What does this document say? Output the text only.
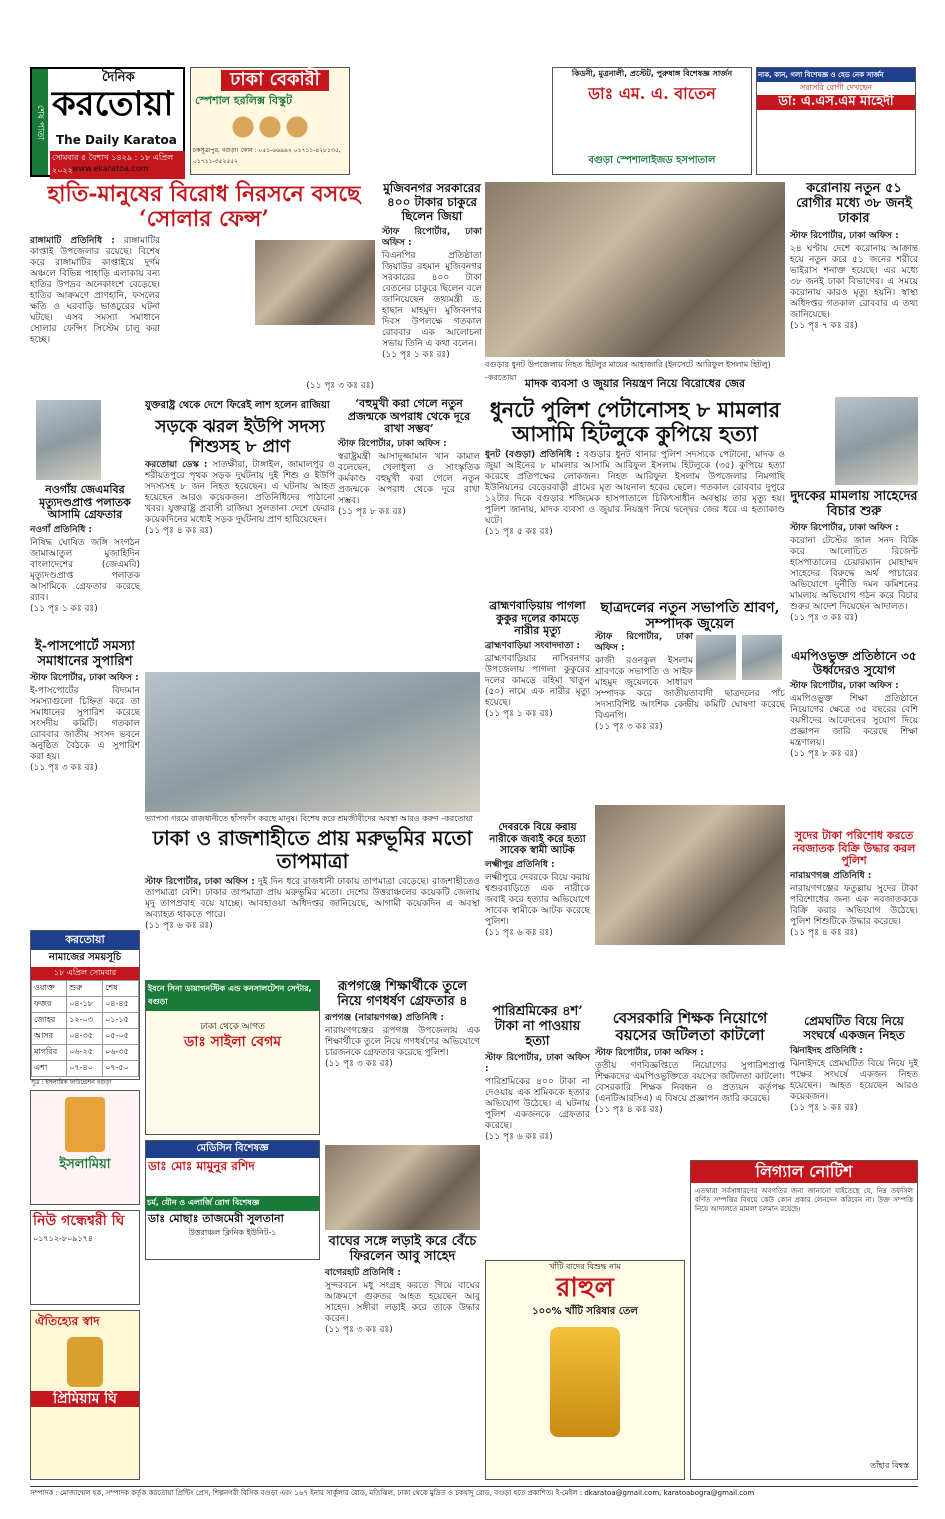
শেষ পাতা
দৈনিক
করতোয়া
The Daily Karatoa
সোমবার ৫ বৈশাখ ১৪২৯ : ১৮ এপ্রিল ২০২২ www.ekaratoa.com
ঢাকা বেকারী
স্পেশাল হরলিক্স বিস্কুট
চকসূত্রাপুর, বগুড়া। ফোন : ০৫১-৬৬৯৯২ ০১৭১১-৪২৮১৩৫, ০১৭১১-৩৫২৫৫২
কিডনী, মুত্রনালী, প্রস্টেট, পুরুষাঙ্গ বিশেষজ্ঞ সার্জন
ডাঃ এম. এ. বাতেন
বগুড়া স্পেশালাইজড হসপাতাল
নাক, কান, গলা বিশেষজ্ঞ ও হেড নেক সার্জন
সরাসরি রোগী দেখছেন
ডা: এ.এস.এম মাহেদী
হাতি-মানুষের বিরোধ নিরসনে বসছে ‘সোলার ফেন্স’
রাঙ্গামাটি প্রতিনিধি : রাঙ্গামাটির কাপ্তাই উপজেলার রয়েছে। বিশেষ করে রাঙ্গামাটির কাপ্তাইয়ে দুর্গম অঞ্চলে বিভিন্ন পাহাড়ি এলাকায় বন্য হাতির উপদ্রব অনেকাংশে বেড়েছে। হাতির আক্রমণে প্রাণহানি, ফসলের ক্ষতি ও ঘরবাড়ি ভাঙচুরের ঘটনা ঘটছে। এসব সমস্যা সমাধানে সোলার ফেন্সিং সিস্টেম চালু করা হচ্ছে।
(১১ পৃঃ ৩ কঃ রঃ)
মুজিবনগর সরকারের ৪০০ টাকার চাকুরে ছিলেন জিয়া
স্টাফ রিপোর্টার, ঢাকা অফিস :
বিএনপির প্রতিষ্ঠাতা জিয়াউর রহমান মুজিবনগর সরকারের ৪০০ টাকা বেতনের চাকুরে ছিলেন বলে জানিয়েছেন তথ্যমন্ত্রী ড. হাছান মাহমুদ। মুজিবনগর দিবস উপলক্ষে গতকাল রোববার এক আলোচনা সভায় তিনি এ কথা বলেন।
(১১ পৃঃ ১ কঃ রঃ)
বগুড়ার ধুনট উপজেলায় নিহত হিটলুর মায়ের আহাজারি (ইনসেটে আরিফুল ইসলাম হিটলু) -করতোয়া
করোনায় নতুন ৫১ রোগীর মধ্যে ৩৮ জনই ঢাকার
স্টাফ রিপোর্টার, ঢাকা অফিস :
২৪ ঘণ্টায় দেশে করোনায় আক্রান্ত হয়ে নতুন করে ৫১ জনের শরীরে ভাইরাস শনাক্ত হয়েছে। এর মধ্যে ৩৮ জনই ঢাকা বিভাগের। এ সময়ে করোনায় কারও মৃত্যু হয়নি। স্বাস্থ্য অধিদপ্তর গতকাল রোববার এ তথ্য জানিয়েছে।
(১১ পৃঃ ৭ কঃ রঃ)
মাদক ব্যবসা ও জুয়ার নিয়ন্ত্রণ নিয়ে বিরোধের জের
ধুনটে পুলিশ পেটানোসহ ৮ মামলার আসামি হিটলুকে কুপিয়ে হত্যা
ধুনট (বগুড়া) প্রতিনিধি : বগুড়ার ধুনট থানার পুলিশ সদস্যকে পেটানো, মাদক ও জুয়া আইনের ৮ মামলার আসামি আরিফুল ইসলাম হিটলুকে (৩৫) কুপিয়ে হত্যা করেছে প্রতিপক্ষের লোকজন। নিহত আরিফুল ইসলাম উপজেলার নিমগাছি ইউনিয়নের বেড়েরবাড়ী গ্রামের মৃত আয়নাল হকের ছেলে। গতকাল রোববার দুপুরে ১২টার দিকে বগুড়ার শজিমেক হাসপাতালে চিকিৎসাধীন অবস্থায় তার মৃত্যু হয়। পুলিশ জানায়, মাদক ব্যবসা ও জুয়ার নিয়ন্ত্রণ নিয়ে দ্বন্দ্বের জের ধরে এ হত্যাকাণ্ড ঘটে।
(১১ পৃঃ ৫ কঃ রঃ)
দুদকের মামলায় সাহেদের বিচার শুরু
স্টাফ রিপোর্টার, ঢাকা অফিস :
করোনা টেস্টের জাল সনদ বিক্রি করে আলোচিত রিজেন্ট হাসপাতালের চেয়ারম্যান মোহাম্মদ সাহেদের বিরুদ্ধে অর্থ পাচারের অভিযোগে দুর্নীতি দমন কমিশনের মামলায় অভিযোগ গঠন করে বিচার শুরুর আদেশ দিয়েছেন আদালত।
(১১ পৃঃ ৩ কঃ রঃ)
যুক্তরাষ্ট্র থেকে দেশে ফিরেই লাশ হলেন রাজিয়া
সড়কে ঝরল ইউপি সদস্য শিশুসহ ৮ প্রাণ
করতোয়া ডেস্ক : সাতক্ষীরা, টাঙ্গাইল, জামালপুর ও শরীয়তপুরে পৃথক সড়ক দুর্ঘটনায় দুই শিশু ও ইউপি সদস্যসহ ৮ জন নিহত হয়েছেন। এ ঘটনায় আহত হয়েছেন আরও কয়েকজন। প্রতিনিধিদের পাঠানো খবর। যুক্তরাষ্ট্র প্রবাসী রাজিয়া সুলতানা দেশে ফেরার কয়েকদিনের মধ্যেই সড়ক দুর্ঘটনায় প্রাণ হারিয়েছেন।
(১১ পৃঃ ৪ কঃ রঃ)
‘বহুমুখী করা গেলে নতুন প্রজন্মকে অপরাধ থেকে দূরে রাখা সম্ভব’
স্টাফ রিপোর্টার, ঢাকা অফিস :
স্বরাষ্ট্রমন্ত্রী আসাদুজ্জামান খান কামাল বলেছেন, খেলাধুলা ও সাংস্কৃতিক কর্মকাণ্ড বহুমুখী করা গেলে নতুন প্রজন্মকে অপরাধ থেকে দূরে রাখা সম্ভব।
(১১ পৃঃ ৮ কঃ রঃ)
নওগাঁয় জেএমবির মৃত্যুদণ্ডপ্রাপ্ত পলাতক আসামি গ্রেফতার
নওগাঁ প্রতিনিধি :
নিষিদ্ধ ঘোষিত জঙ্গি সংগঠন জামাআতুল মুজাহিদিন বাংলাদেশের (জেএমবি) মৃত্যুদণ্ডপ্রাপ্ত পলাতক আসামিকে গ্রেফতার করেছে র‌্যাব।
(১১ পৃঃ ১ কঃ রঃ)
ই-পাসপোর্টে সমস্যা সমাধানের সুপারিশ
স্টাফ রিপোর্টার, ঢাকা অফিস :
ই-পাসপোর্টের বিদ্যমান সমস্যাগুলো চিহ্নিত করে তা সমাধানের সুপারিশ করেছে সংসদীয় কমিটি। গতকাল রোববার জাতীয় সংসদ ভবনে অনুষ্ঠিত বৈঠকে এ সুপারিশ করা হয়।
(১১ পৃঃ ৩ কঃ রঃ)
ভ্যাপসা গরমে রাজধানীতে হাঁসফাঁস করছে মানুষ। বিশেষ করে শ্রমজীবীদের অবস্থা আরও করুণ -করতোয়া
ছাত্রদলের নতুন সভাপতি শ্রাবণ, সম্পাদক জুয়েল
স্টাফ রিপোর্টার, ঢাকা অফিস :
কাজী রওনকুল ইসলাম শ্রাবণকে সভাপতি ও সাইফ মাহমুদ জুয়েলকে সাধারণ সম্পাদক করে জাতীয়তাবাদী ছাত্রদলের পাঁচ সদস্যবিশিষ্ট আংশিক কেন্দ্রীয় কমিটি ঘোষণা করেছে বিএনপি।
(১১ পৃঃ ৩ কঃ রঃ)
ব্রাহ্মণবাড়িয়ায় পাগলা কুকুর দলের কামড়ে নারীর মৃত্যু
ব্রাহ্মণবাড়িয়া সংবাদদাতা :
ব্রাহ্মণবাড়িয়ার নাসিরনগর উপজেলায় পাগলা কুকুরের দলের কামড়ে রহিমা খাতুন (৫০) নামে এক নারীর মৃত্যু হয়েছে।
(১১ পৃঃ ১ কঃ রঃ)
এমপিওভুক্ত প্রতিষ্ঠানে ৩৫ উর্ধ্বদেরও সুযোগ
স্টাফ রিপোর্টার, ঢাকা অফিস :
এমপিওভুক্ত শিক্ষা প্রতিষ্ঠানে নিয়োগের ক্ষেত্রে ৩৫ বছরের বেশি বয়সীদের আবেদনের সুযোগ দিয়ে প্রজ্ঞাপন জারি করেছে শিক্ষা মন্ত্রণালয়।
(১১ পৃঃ ৮ কঃ রঃ)
ঢাকা ও রাজশাহীতে প্রায় মরুভূমির মতো তাপমাত্রা
স্টাফ রিপোর্টার, ঢাকা অফিস : দুই দিন ধরে রাজধানী ঢাকায় তাপমাত্রা বেড়েছে। রাজশাহীতেও তাপমাত্রা বেশি। ঢাকার তাপমাত্রা প্রায় মরুভূমির মতো। দেশের উত্তরাঞ্চলের কয়েকটি জেলায় মৃদু তাপপ্রবাহ বয়ে যাচ্ছে। আবহাওয়া অধিদপ্তর জানিয়েছে, আগামী কয়েকদিন এ অবস্থা অব্যাহত থাকতে পারে।
(১১ পৃঃ ৬ কঃ রঃ)
দেবরকে বিয়ে করায় নারীকে জবাই করে হত্যা সাবেক স্বামী আটক
লক্ষ্মীপুর প্রতিনিধি :
লক্ষ্মীপুরে দেবরকে বিয়ে করায় শ্বশুরবাড়িতে এক নারীকে জবাই করে হত্যার অভিযোগে সাবেক স্বামীকে আটক করেছে পুলিশ।
(১১ পৃঃ ৬ কঃ রঃ)
সুদের টাকা পরিশোধ করতে নবজাতক বিক্রি উদ্ধার করল পুলিশ
নারায়ণগঞ্জ প্রতিনিধি :
নারায়ণগঞ্জের ফতুল্লায় সুদের টাকা পরিশোধের জন্য এক নবজাতককে বিক্রি করার অভিযোগ উঠেছে। পুলিশ শিশুটিকে উদ্ধার করেছে।
(১১ পৃঃ ৪ কঃ রঃ)
করতোয়া
নামাজের সময়সূচি
১৮ এপ্রিল সোমবার
ওয়াক্ত	শুরু	শেষ
ফজর	০৪-১৮	০৪-৪৫
জোহর	১২-০৩	০১-১৫
আসর	০৪-৩৫	০৫-০৫
মাগরিব	০৬-২৫	০৬-৩৫
এশা	০৭-৪০	০৭-৫০
সূত্র : ইসলামিক ফাউন্ডেশন বগুড়া
ইবনে সিনা ডায়াগনস্টিক এন্ড কনসালটেশন সেন্টার, বগুড়া
ঢাকা থেকে আগত
ডাঃ সাইলা বেগম
মেডিসিন বিশেষজ্ঞ
ডাঃ মোঃ মামুনুর রশিদ
চর্ম, যৌন ও এলার্জি রোগ বিশেষজ্ঞ
ডাঃ মোছাঃ তাজমেরী সুলতানা
উত্তরাঞ্চল ক্লিনিক ইউনিট-১
রূপগঞ্জে শিক্ষার্থীকে তুলে নিয়ে গণধর্ষণ গ্রেফতার ৪
রূপগঞ্জ (নারায়ণগঞ্জ) প্রতিনিধি :
নারায়ণগঞ্জের রূপগঞ্জ উপজেলায় এক শিক্ষার্থীকে তুলে নিয়ে গণধর্ষণের অভিযোগে চারজনকে গ্রেফতার করেছে পুলিশ।
(১১ পৃঃ ৩ কঃ রঃ)
বাঘের সঙ্গে লড়াই করে বেঁচে ফিরলেন আবু সাহেদ
বাগেরহাট প্রতিনিধি :
সুন্দরবনে মধু সংগ্রহ করতে গিয়ে বাঘের আক্রমণে গুরুতর আহত হয়েছেন আবু সাহেদ। সঙ্গীরা লড়াই করে তাকে উদ্ধার করেন।
(১১ পৃঃ ৩ কঃ রঃ)
পারিশ্রমিকের ৪শ’ টাকা না পাওয়ায় হত্যা
স্টাফ রিপোর্টার, ঢাকা অফিস :
পারিশ্রমিকের ৪০০ টাকা না দেওয়ায় এক শ্রমিককে হত্যার অভিযোগ উঠেছে। এ ঘটনায় পুলিশ একজনকে গ্রেফতার করেছে।
(১১ পৃঃ ৬ কঃ রঃ)
বেসরকারি শিক্ষক নিয়োগে বয়সের জটিলতা কাটলো
স্টাফ রিপোর্টার, ঢাকা অফিস :
তৃতীয় গণবিজ্ঞপ্তিতে নিয়োগের সুপারিশপ্রাপ্ত শিক্ষকদের এমপিওভুক্তিতে বয়সের জটিলতা কাটলো। বেসরকারি শিক্ষক নিবন্ধন ও প্রত্যয়ন কর্তৃপক্ষ (এনটিআরসিএ) এ বিষয়ে প্রজ্ঞাপন জারি করেছে।
(১১ পৃঃ ৪ কঃ রঃ)
প্রেমঘটিত বিয়ে নিয়ে সংঘর্ষে একজন নিহত
ঝিনাইদহ প্রতিনিধি :
ঝিনাইদহে প্রেমঘটিত বিয়ে নিয়ে দুই পক্ষের সংঘর্ষে একজন নিহত হয়েছেন। আহত হয়েছেন আরও কয়েকজন।
(১১ পৃঃ ১ কঃ রঃ)
ইসলামিয়া
নিউ গন্ধেশ্বরী ঘি
০১৭১২-৮০৯১৭৪
ঐতিহ্যের স্বাদ
প্রিমিয়াম ঘি
খাঁটি বাদের বিশুদ্ধ নাম
রাহুল
১০০% খাঁটি সরিষার তেল
লিগ্যাল নোটিশ
এতদ্বারা সর্বসাধারণের অবগতির জন্য জানানো যাইতেছে যে, নিম্ন তফসিল বর্ণিত সম্পত্তির বিষয়ে কেউ কোন প্রকার লেনদেন করিবেন না। উক্ত সম্পত্তি নিয়ে আদালতে মামলা চলমান রয়েছে।
তাঁহার বিশ্বস্ত
সম্পাদক : মোজাম্মেল হক, সম্পাদক কর্তৃক করতোয়া প্রিন্টিং প্রেস, শিল্পনগরী বিসিক বগুড়া এবং ১৬৭ ইনার সার্কুলার রোড, মতিঝিল, ঢাকা থেকে মুদ্রিত ও চকযাদু রোড, বগুড়া হতে প্রকাশিত। ই-মেইল : dkaratoa@gmail.com, karatoabogra@gmail.com
